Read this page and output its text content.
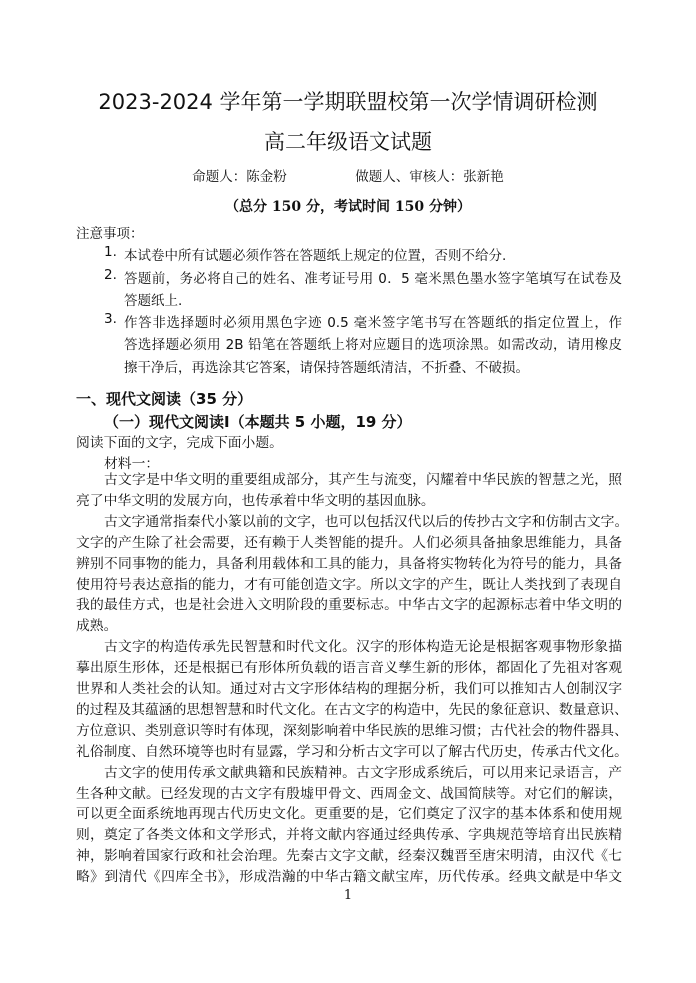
2023-2024 学年第一学期联盟校第一次学情调研检测
高二年级语文试题
命题人：陈金粉	做题人、审核人：张新艳
（总分 150 分，考试时间 150 分钟）
注意事项：
1. 本试卷中所有试题必须作答在答题纸上规定的位置，否则不给分.
2. 答题前，务必将自己的姓名、准考证号用 0．5 毫米黑色墨水签字笔填写在试卷及
答题纸上.
3. 作答非选择题时必须用黑色字迹 0.5 毫米签字笔书写在答题纸的指定位置上，作
答选择题必须用 2B 铅笔在答题纸上将对应题目的选项涂黑。如需改动，请用橡皮
擦干净后，再选涂其它答案，请保持答题纸清洁，不折叠、不破损。
一、现代文阅读（35 分）
（一）现代文阅读Ⅰ（本题共 5 小题，19 分）
阅读下面的文字，完成下面小题。
材料一：
古文字是中华文明的重要组成部分，其产生与流变，闪耀着中华民族的智慧之光，照
亮了中华文明的发展方向，也传承着中华文明的基因血脉。
古文字通常指秦代小篆以前的文字，也可以包括汉代以后的传抄古文字和仿制古文字。
文字的产生除了社会需要，还有赖于人类智能的提升。人们必须具备抽象思维能力，具备
辨别不同事物的能力，具备利用载体和工具的能力，具备将实物转化为符号的能力，具备
使用符号表达意指的能力，才有可能创造文字。所以文字的产生，既让人类找到了表现自
我的最佳方式，也是社会进入文明阶段的重要标志。中华古文字的起源标志着中华文明的
成熟。
古文字的构造传承先民智慧和时代文化。汉字的形体构造无论是根据客观事物形象描
摹出原生形体，还是根据已有形体所负载的语言音义孳生新的形体，都固化了先祖对客观
世界和人类社会的认知。通过对古文字形体结构的理据分析，我们可以推知古人创制汉字
的过程及其蕴涵的思想智慧和时代文化。在古文字的构造中，先民的象征意识、数量意识、
方位意识、类别意识等时有体现，深刻影响着中华民族的思维习惯；古代社会的物件器具、
礼俗制度、自然环境等也时有显露，学习和分析古文字可以了解古代历史，传承古代文化。
古文字的使用传承文献典籍和民族精神。古文字形成系统后，可以用来记录语言，产
生各种文献。已经发现的古文字有殷墟甲骨文、西周金文、战国简牍等。对它们的解读，
可以更全面系统地再现古代历史文化。更重要的是，它们奠定了汉字的基本体系和使用规
则，奠定了各类文体和文学形式，并将文献内容通过经典传承、字典规范等培育出民族精
神，影响着国家行政和社会治理。先秦古文字文献，经秦汉魏晋至唐宋明清，由汉代《七
略》到清代《四库全书》，形成浩瀚的中华古籍文献宝库，历代传承。经典文献是中华文
1
